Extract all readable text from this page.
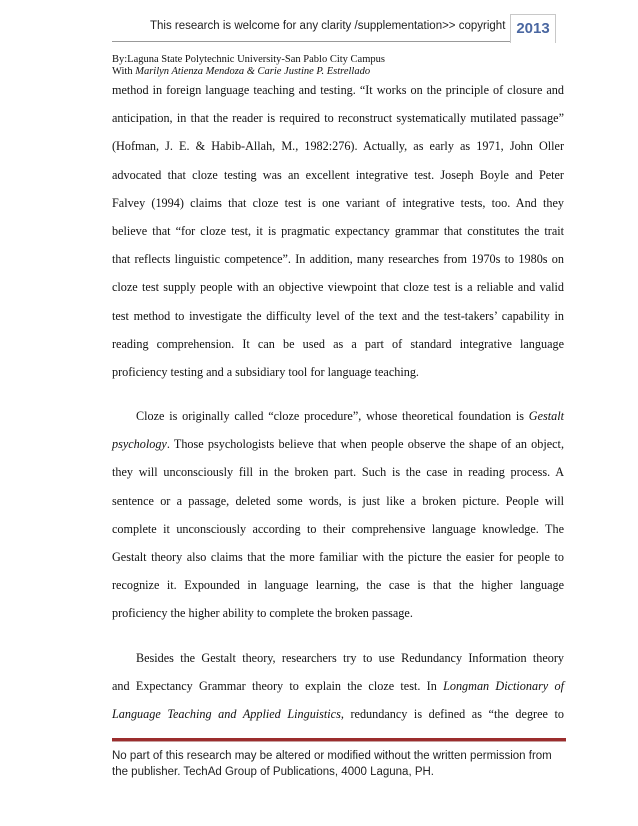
This research is welcome for any clarity /supplementation>> copyright 2013
By:Laguna State Polytechnic University-San Pablo City Campus
With Marilyn Atienza Mendoza & Carie Justine P. Estrellado
method in foreign language teaching and testing. “It works on the principle of closure and
anticipation, in that the reader is required to reconstruct systematically mutilated passage”
(Hofman, J. E. & Habib-Allah, M., 1982:276). Actually, as early as 1971, John Oller
advocated that cloze testing was an excellent integrative test. Joseph Boyle and Peter
Falvey (1994) claims that cloze test is one variant of integrative tests, too. And they
believe that “for cloze test, it is pragmatic expectancy grammar that constitutes the trait
that reflects linguistic competence”. In addition, many researches from 1970s to 1980s on
cloze test supply people with an objective viewpoint that cloze test is a reliable and valid
test method to investigate the difficulty level of the text and the test-takers’ capability in
reading comprehension. It can be used as a part of standard integrative language
proficiency testing and a subsidiary tool for language teaching.
Cloze is originally called “cloze procedure”, whose theoretical foundation is Gestalt
psychology. Those psychologists believe that when people observe the shape of an object,
they will unconsciously fill in the broken part. Such is the case in reading process. A
sentence or a passage, deleted some words, is just like a broken picture. People will
complete it unconsciously according to their comprehensive language knowledge. The
Gestalt theory also claims that the more familiar with the picture the easier for people to
recognize it. Expounded in language learning, the case is that the higher language
proficiency the higher ability to complete the broken passage.
Besides the Gestalt theory, researchers try to use Redundancy Information theory
and Expectancy Grammar theory to explain the cloze test. In Longman Dictionary of
Language Teaching and Applied Linguistics, redundancy is defined as “the degree to
No part of this research may be altered or modified without the written permission from
the publisher. TechAd Group of Publications, 4000 Laguna, PH.
